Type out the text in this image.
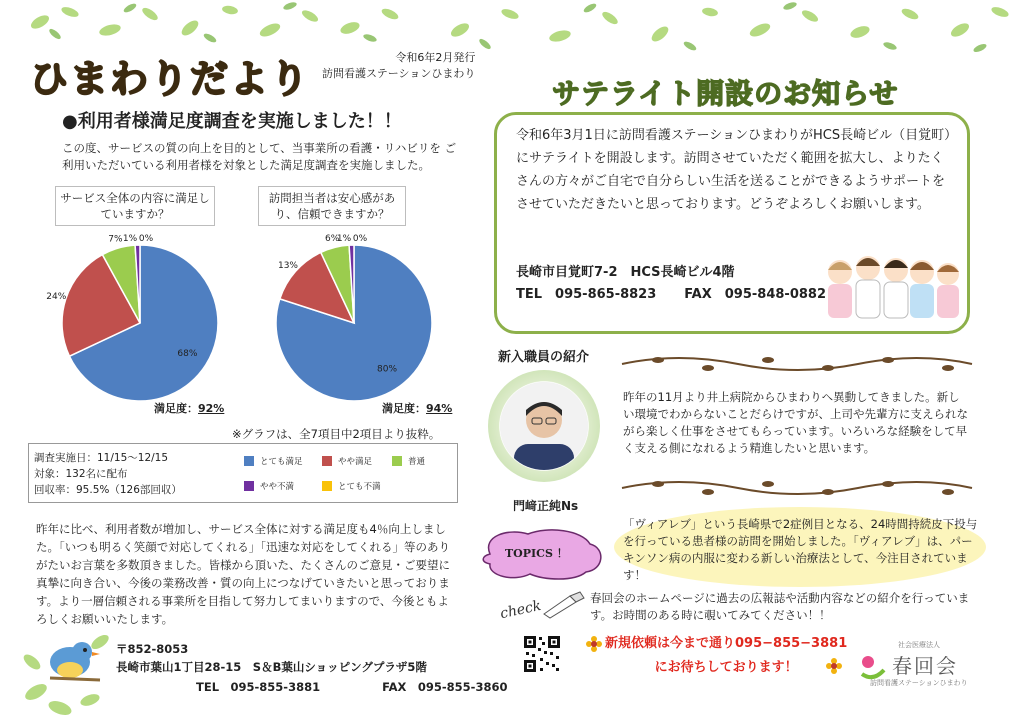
ひまわりだより	令和6年2月発行
訪問看護ステーションひまわり
●利用者様満足度調査を実施しました！！
この度、サービスの質の向上を目的として、当事業所の看護・リハビリを ご利用いただいている利用者様を対象とした満足度調査を実施しました。
サービス全体の内容に満足していますか？
訪問担当者は安心感があり、信頼できますか？
68%
24%
7% 1% 0%
80%
13%
6%
1% 0%
満足度：92%	満足度：94%
※グラフは、全7項目中2項目より抜粋。
調査実施日：11/15～12/15
対象：132名に配布
回収率：95.5%（126部回収）
とても満足	やや満足	普通
やや不満	とても不満
昨年に比べ、利用者数が増加し、サービス全体に対する満足度も4％向上しました。「いつも明るく笑顔で対応してくれる」「迅速な対応をしてくれる」等のありがたいお言葉を多数頂きました。皆様から頂いた、たくさんのご意見・ご要望に真摯に向き合い、今後の業務改善・質の向上につなげていきたいと思っております。より一層信頼される事業所を目指して努力してまいりますので、今後ともよろしくお願いいたします。
〒852-8053
長崎市葉山1丁目28-15　S＆B葉山ショッピングプラザ5階
TEL　095-855-3881	FAX　095-855-3860
サテライト開設のお知らせ
令和6年3月1日に訪問看護ステーションひまわりがHCS長崎ビル（目覚町）にサテライトを開設します。訪問させていただく範囲を拡大し、よりたくさんの方々がご自宅で自分らしい生活を送ることができるようサポートをさせていただきたいと思っております。どうぞよろしくお願いします。
長崎市目覚町7-2　HCS長崎ビル4階
TEL　095-865-8823 FAX　095-848-0882
新入職員の紹介
門﨑正純Ns
昨年の11月より井上病院からひまわりへ異動してきました。新しい環境でわからないことだらけですが、上司や先輩方に支えられながら楽しく仕事をさせてもらっています。いろいろな経験をして早く支える側になれるよう精進したいと思います。
TOPICS ！
「ヴィアレブ」という長崎県で2症例目となる、24時間持続皮下投与を行っている患者様の訪問を開始しました。「ヴィアレブ」は、パーキンソン病の内服に変わる新しい治療法として、今注目されています！
check	春回会のホームページに過去の広報誌や活動内容などの紹介を行っています。お時間のある時に覗いてみてください！！
新規依頼は今まで通り095−855−3881
にお待ちしております！
社会医療法人
春回会
訪問看護ステーションひまわり
